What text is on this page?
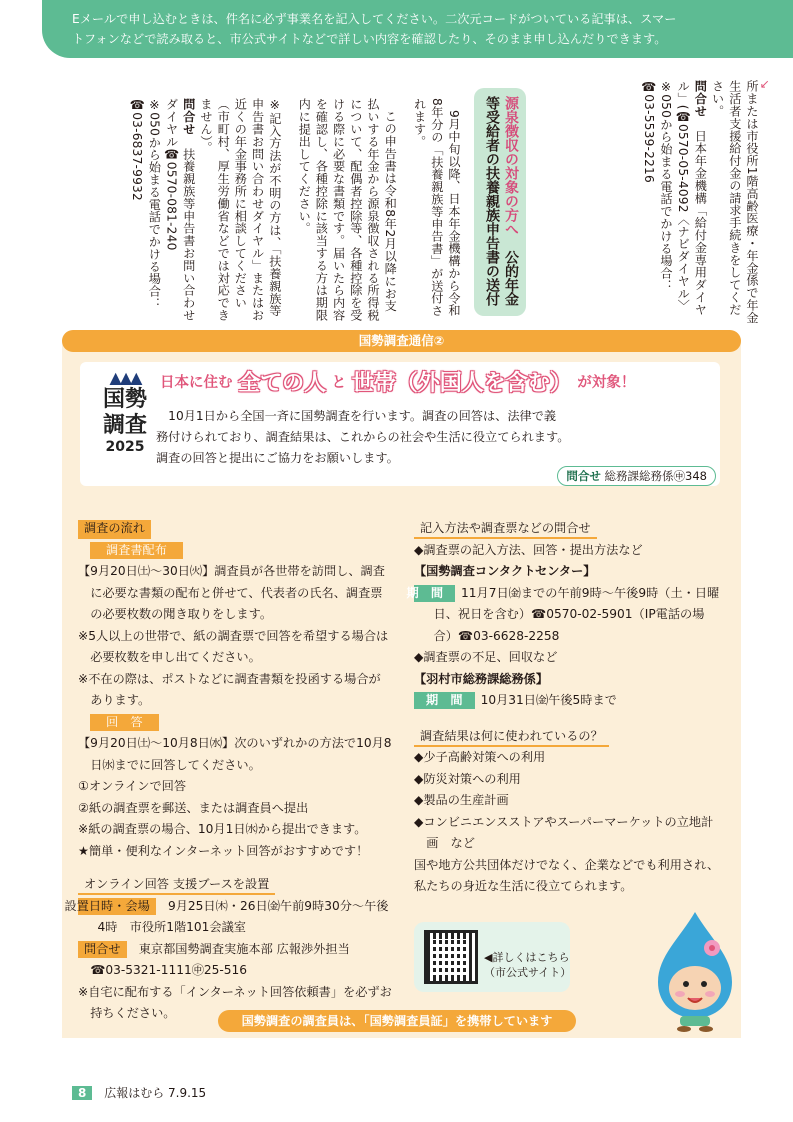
Eメールで申し込むときは、件名に必ず事業名を記入してください。二次元コードがついている記事は、スマー
トフォンなどで読み取ると、市公式サイトなどで詳しい内容を確認したり、そのまま申し込んだりできます。
↙

所または市役所1階高齢医療・年金係で年金生活者支援給付金の請求手続きをしてください。

問合せ　日本年金機構「給付金専用ダイヤル」(☎0570-05-4092〈ナビダイヤル〉

※050から始まる電話でかける場合：

☎03-5539-2216

源泉徴収の対象の方へ　公的年金等受給者の扶養親族申告書の送付

9月中旬以降、日本年金機構から令和8年分の「扶養親族等申告書」が送付されます。

この申告書は令和8年2月以降にお支払いする年金から源泉徴収される所得税について、配偶者控除等、各種控除を受ける際に必要な書類です。届いたら内容を確認し、各種控除に該当する方は期限内に提出してください。

※記入方法が不明の方は、「扶養親族等申告書お問い合わせダイヤル」またはお近くの年金事務所に相談してください（市町村、厚生労働省などでは対応できません）。

問合せ　扶養親族等申告書お問い合わせダイヤル☎0570-081-240

※050から始まる電話でかける場合：

☎03-6837-9932

国勢調査通信②
▲▲▲
国勢
調査
2025
日本に住む 全ての人 と 世帯（外国人を含む） が対象！
　10月1日から全国一斉に国勢調査を行います。調査の回答は、法律で義
務付けられており、調査結果は、これからの社会や生活に役立てられます。
調査の回答と提出にご協力をお願いします。
問合せ 総務課総務係㊥348
調査の流れ
調査書配布
【9月20日㈯～30日㈫】調査員が各世帯を訪問し、調査に必要な書類の配布と併せて、代表者の氏名、調査票の必要枚数の聞き取りをします。
※5人以上の世帯で、紙の調査票で回答を希望する場合は必要枚数を申し出てください。
※不在の際は、ポストなどに調査書類を投函する場合があります。
回　答
【9月20日㈯～10月8日㈬】次のいずれかの方法で10月8日㈬までに回答してください。
①オンラインで回答
②紙の調査票を郵送、または調査員へ提出
※紙の調査票の場合、10月1日㈬から提出できます。
★簡単・便利なインターネット回答がおすすめです！
オンライン回答 支援ブースを設置
設置日時・会場　 9月25日㈭・26日㈮午前9時30分～午後4時　市役所1階101会議室
問合せ　 東京都国勢調査実施本部 広報渉外担当
☎03-5321-1111㊥25-516
※自宅に配布する「インターネット回答依頼書」を必ずお持ちください。
記入方法や調査票などの問合せ
◆調査票の記入方法、回答・提出方法など
【国勢調査コンタクトセンター】
期　間 11月7日㈮までの午前9時～午後9時（土・日曜日、祝日を含む）☎0570-02-5901（IP電話の場合）☎03-6628-2258
◆調査票の不足、回収など
【羽村市総務課総務係】
期　間 10月31日㈮午後5時まで
調査結果は何に使われているの？
◆少子高齢対策への利用
◆防災対策への利用
◆製品の生産計画
◆コンビニエンスストアやスーパーマーケットの立地計画　など
国や地方公共団体だけでなく、企業などでも利用され、私たちの身近な生活に役立てられます。
◀詳しくはこちら
（市公式サイト）
国勢調査の調査員は、「国勢調査員証」を携帯しています
8 広報はむら 7.9.15
